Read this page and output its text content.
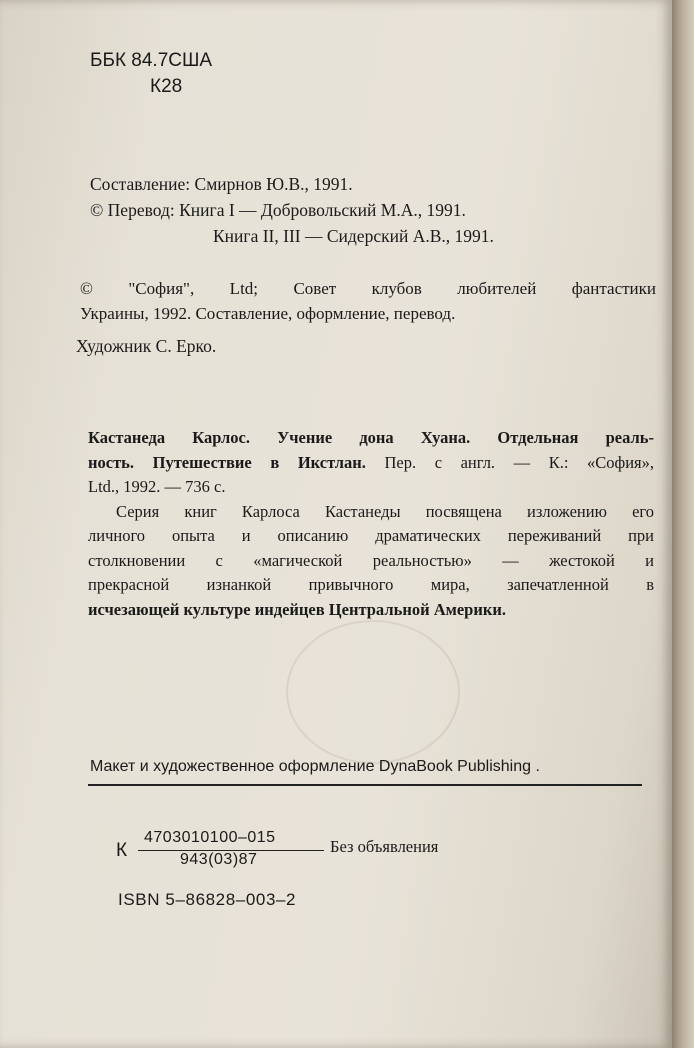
ББК 84.7США
К28
Составление: Смирнов Ю.В., 1991.
© Перевод: Книга I — Добровольский М.А., 1991.
Книга II, III — Сидерский А.В., 1991.
© "София", Ltd; Совет клубов любителей фантастики
Украины, 1992. Составление, оформление, перевод.
Художник С. Ерко.
Кастанеда Карлос. Учение дона Хуана. Отдельная реаль-
ность. Путешествие в Икстлан. Пер. с англ. — К.: «София»,
Ltd., 1992. — 736 с.
Серия книг Карлоса Кастанеды посвящена изложению его
личного опыта и описанию драматических переживаний при
столкновении с «магической реальностью» — жестокой и
прекрасной изнанкой привычного мира, запечатленной в
исчезающей культуре индейцев Центральной Америки.
Макет и художественное оформление DynaBook Publishing .
К
4703010100–015
943(03)87
Без объявления
ISBN 5–86828–003–2
